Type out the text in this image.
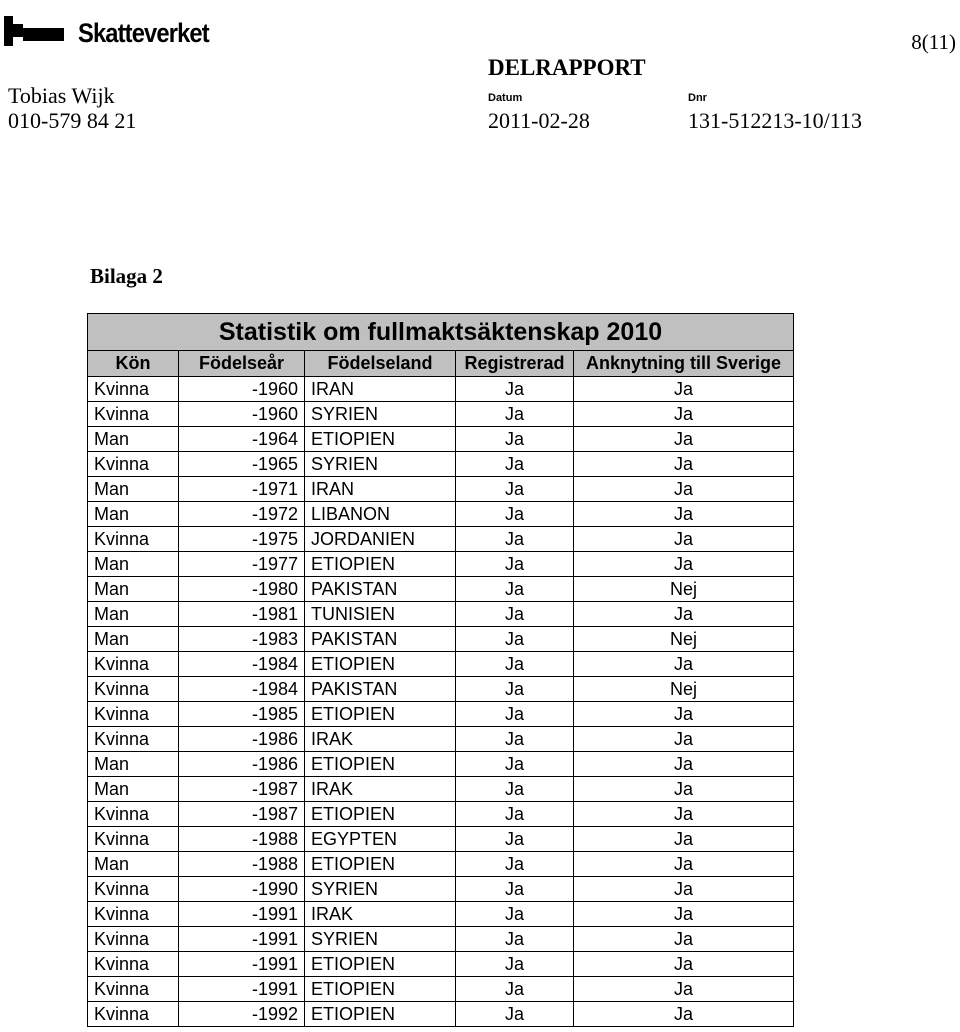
Skatteverket	8(11)
DELRAPPORT
Tobias Wijk
010-579 84 21
Datum	Dnr
2011-02-28	131-512213-10/113
Bilaga 2
Statistik om fullmaktsäktenskap 2010				
Kön	Födelseår	Födelseland	Registrerad	Anknytning till Sverige
Kvinna	-1960	IRAN	Ja	Ja
Kvinna	-1960	SYRIEN	Ja	Ja
Man	-1964	ETIOPIEN	Ja	Ja
Kvinna	-1965	SYRIEN	Ja	Ja
Man	-1971	IRAN	Ja	Ja
Man	-1972	LIBANON	Ja	Ja
Kvinna	-1975	JORDANIEN	Ja	Ja
Man	-1977	ETIOPIEN	Ja	Ja
Man	-1980	PAKISTAN	Ja	Nej
Man	-1981	TUNISIEN	Ja	Ja
Man	-1983	PAKISTAN	Ja	Nej
Kvinna	-1984	ETIOPIEN	Ja	Ja
Kvinna	-1984	PAKISTAN	Ja	Nej
Kvinna	-1985	ETIOPIEN	Ja	Ja
Kvinna	-1986	IRAK	Ja	Ja
Man	-1986	ETIOPIEN	Ja	Ja
Man	-1987	IRAK	Ja	Ja
Kvinna	-1987	ETIOPIEN	Ja	Ja
Kvinna	-1988	EGYPTEN	Ja	Ja
Man	-1988	ETIOPIEN	Ja	Ja
Kvinna	-1990	SYRIEN	Ja	Ja
Kvinna	-1991	IRAK	Ja	Ja
Kvinna	-1991	SYRIEN	Ja	Ja
Kvinna	-1991	ETIOPIEN	Ja	Ja
Kvinna	-1991	ETIOPIEN	Ja	Ja
Kvinna	-1992	ETIOPIEN	Ja	Ja
